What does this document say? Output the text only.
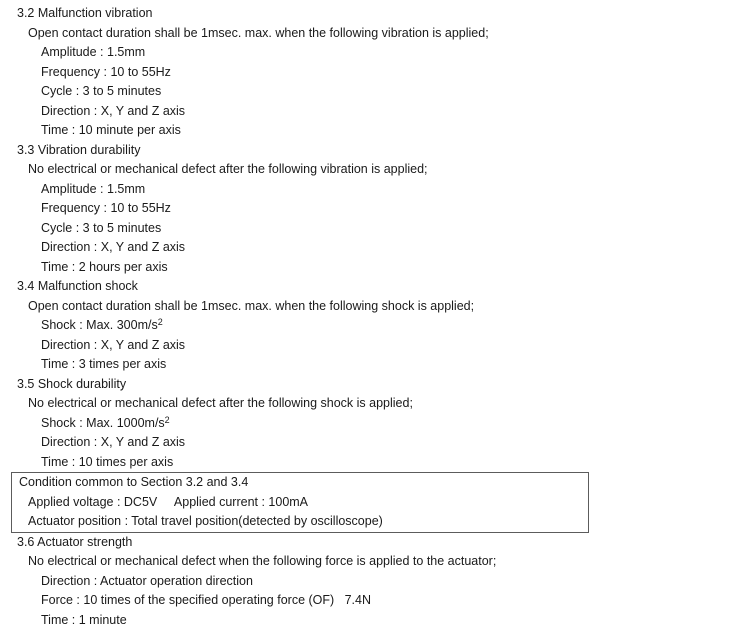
3.2 Malfunction vibration
Open contact duration shall be 1msec. max. when the following vibration is applied;
Amplitude : 1.5mm
Frequency : 10 to 55Hz
Cycle : 3 to 5 minutes
Direction : X, Y and Z axis
Time : 10 minute per axis
3.3 Vibration durability
No electrical or mechanical defect after the following vibration is applied;
Amplitude : 1.5mm
Frequency : 10 to 55Hz
Cycle : 3 to 5 minutes
Direction : X, Y and Z axis
Time : 2 hours per axis
3.4 Malfunction shock
Open contact duration shall be 1msec. max. when the following shock is applied;
Shock : Max. $300m/s^2$
Direction : X, Y and Z axis
Time : 3 times per axis
3.5 Shock durability
No electrical or mechanical defect after the following shock is applied;
Shock : Max. $1000m/s^2$
Direction : X, Y and Z axis
Time : 10 times per axis
Condition common to Section 3.2 and 3.4
Applied voltage : DC5V     Applied current : 100mA
Actuator position : Total travel position(detected by oscilloscope)
3.6 Actuator strength
No electrical or mechanical defect when the following force is applied to the actuator;
Direction : Actuator operation direction
Force : 10 times of the specified operating force (OF)   7.4N
Time : 1 minute
